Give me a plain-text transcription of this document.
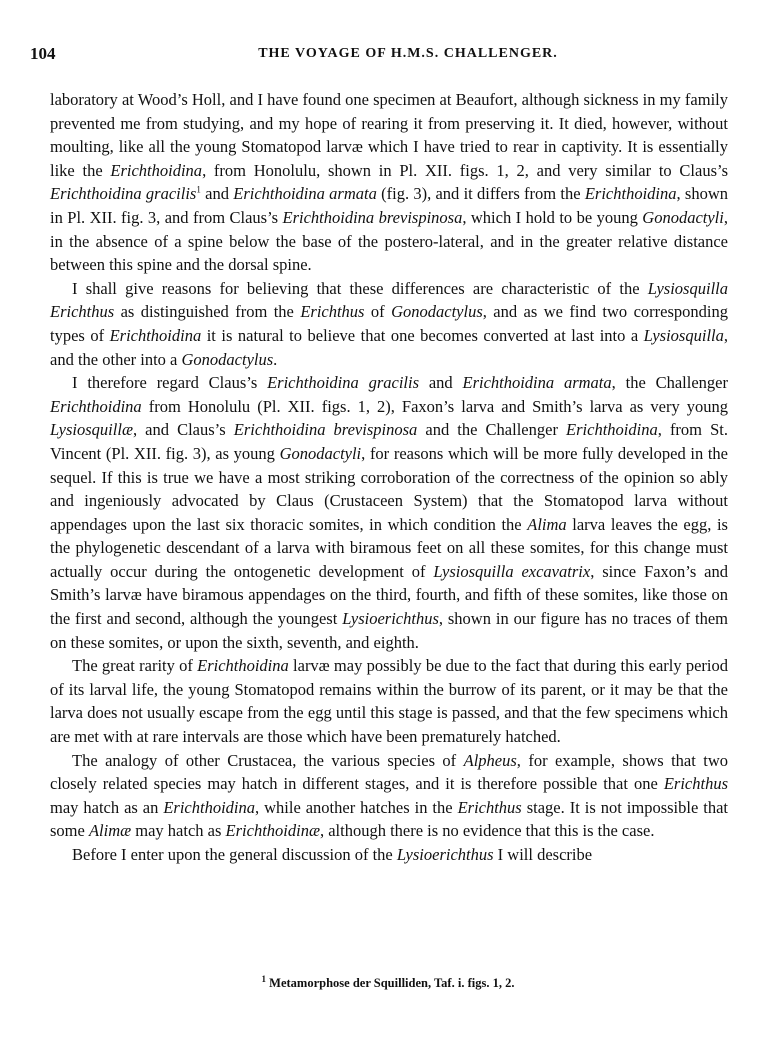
104	THE VOYAGE OF H.M.S. CHALLENGER.

laboratory at Wood’s Holl, and I have found one specimen at Beaufort, although sickness in my family prevented me from studying, and my hope of rearing it from preserving it. It died, however, without moulting, like all the young Stomatopod larvæ which I have tried to rear in captivity. It is essentially like the Erichthoidina, from Honolulu, shown in Pl. XII. figs. 1, 2, and very similar to Claus’s Erichthoidina gracilis$^1$ and Erichthoidina armata (fig. 3), and it differs from the Erichthoidina, shown in Pl. XII. fig. 3, and from Claus’s Erichthoidina brevispinosa, which I hold to be young Gonodactyli, in the absence of a spine below the base of the postero-lateral, and in the greater relative distance between this spine and the dorsal spine.

I shall give reasons for believing that these differences are characteristic of the Lysiosquilla Erichthus as distinguished from the Erichthus of Gonodactylus, and as we find two corresponding types of Erichthoidina it is natural to believe that one becomes converted at last into a Lysiosquilla, and the other into a Gonodactylus.

I therefore regard Claus’s Erichthoidina gracilis and Erichthoidina armata, the Challenger Erichthoidina from Honolulu (Pl. XII. figs. 1, 2), Faxon’s larva and Smith’s larva as very young Lysiosquillæ, and Claus’s Erichthoidina brevispinosa and the Challenger Erichthoidina, from St. Vincent (Pl. XII. fig. 3), as young Gonodactyli, for reasons which will be more fully developed in the sequel. If this is true we have a most striking corroboration of the correctness of the opinion so ably and ingeniously advocated by Claus (Crustaceen System) that the Stomatopod larva without appendages upon the last six thoracic somites, in which condition the Alima larva leaves the egg, is the phylogenetic descendant of a larva with biramous feet on all these somites, for this change must actually occur during the ontogenetic development of Lysiosquilla excavatrix, since Faxon’s and Smith’s larvæ have biramous appendages on the third, fourth, and fifth of these somites, like those on the first and second, although the youngest Lysioerichthus, shown in our figure has no traces of them on these somites, or upon the sixth, seventh, and eighth.

The great rarity of Erichthoidina larvæ may possibly be due to the fact that during this early period of its larval life, the young Stomatopod remains within the burrow of its parent, or it may be that the larva does not usually escape from the egg until this stage is passed, and that the few specimens which are met with at rare intervals are those which have been prematurely hatched.

The analogy of other Crustacea, the various species of Alpheus, for example, shows that two closely related species may hatch in different stages, and it is therefore possible that one Erichthus may hatch as an Erichthoidina, while another hatches in the Erichthus stage. It is not impossible that some Alimæ may hatch as Erichthoidinæ, although there is no evidence that this is the case.

Before I enter upon the general discussion of the Lysioerichthus I will describe

$^1$ Metamorphose der Squilliden, Taf. i. figs. 1, 2.
